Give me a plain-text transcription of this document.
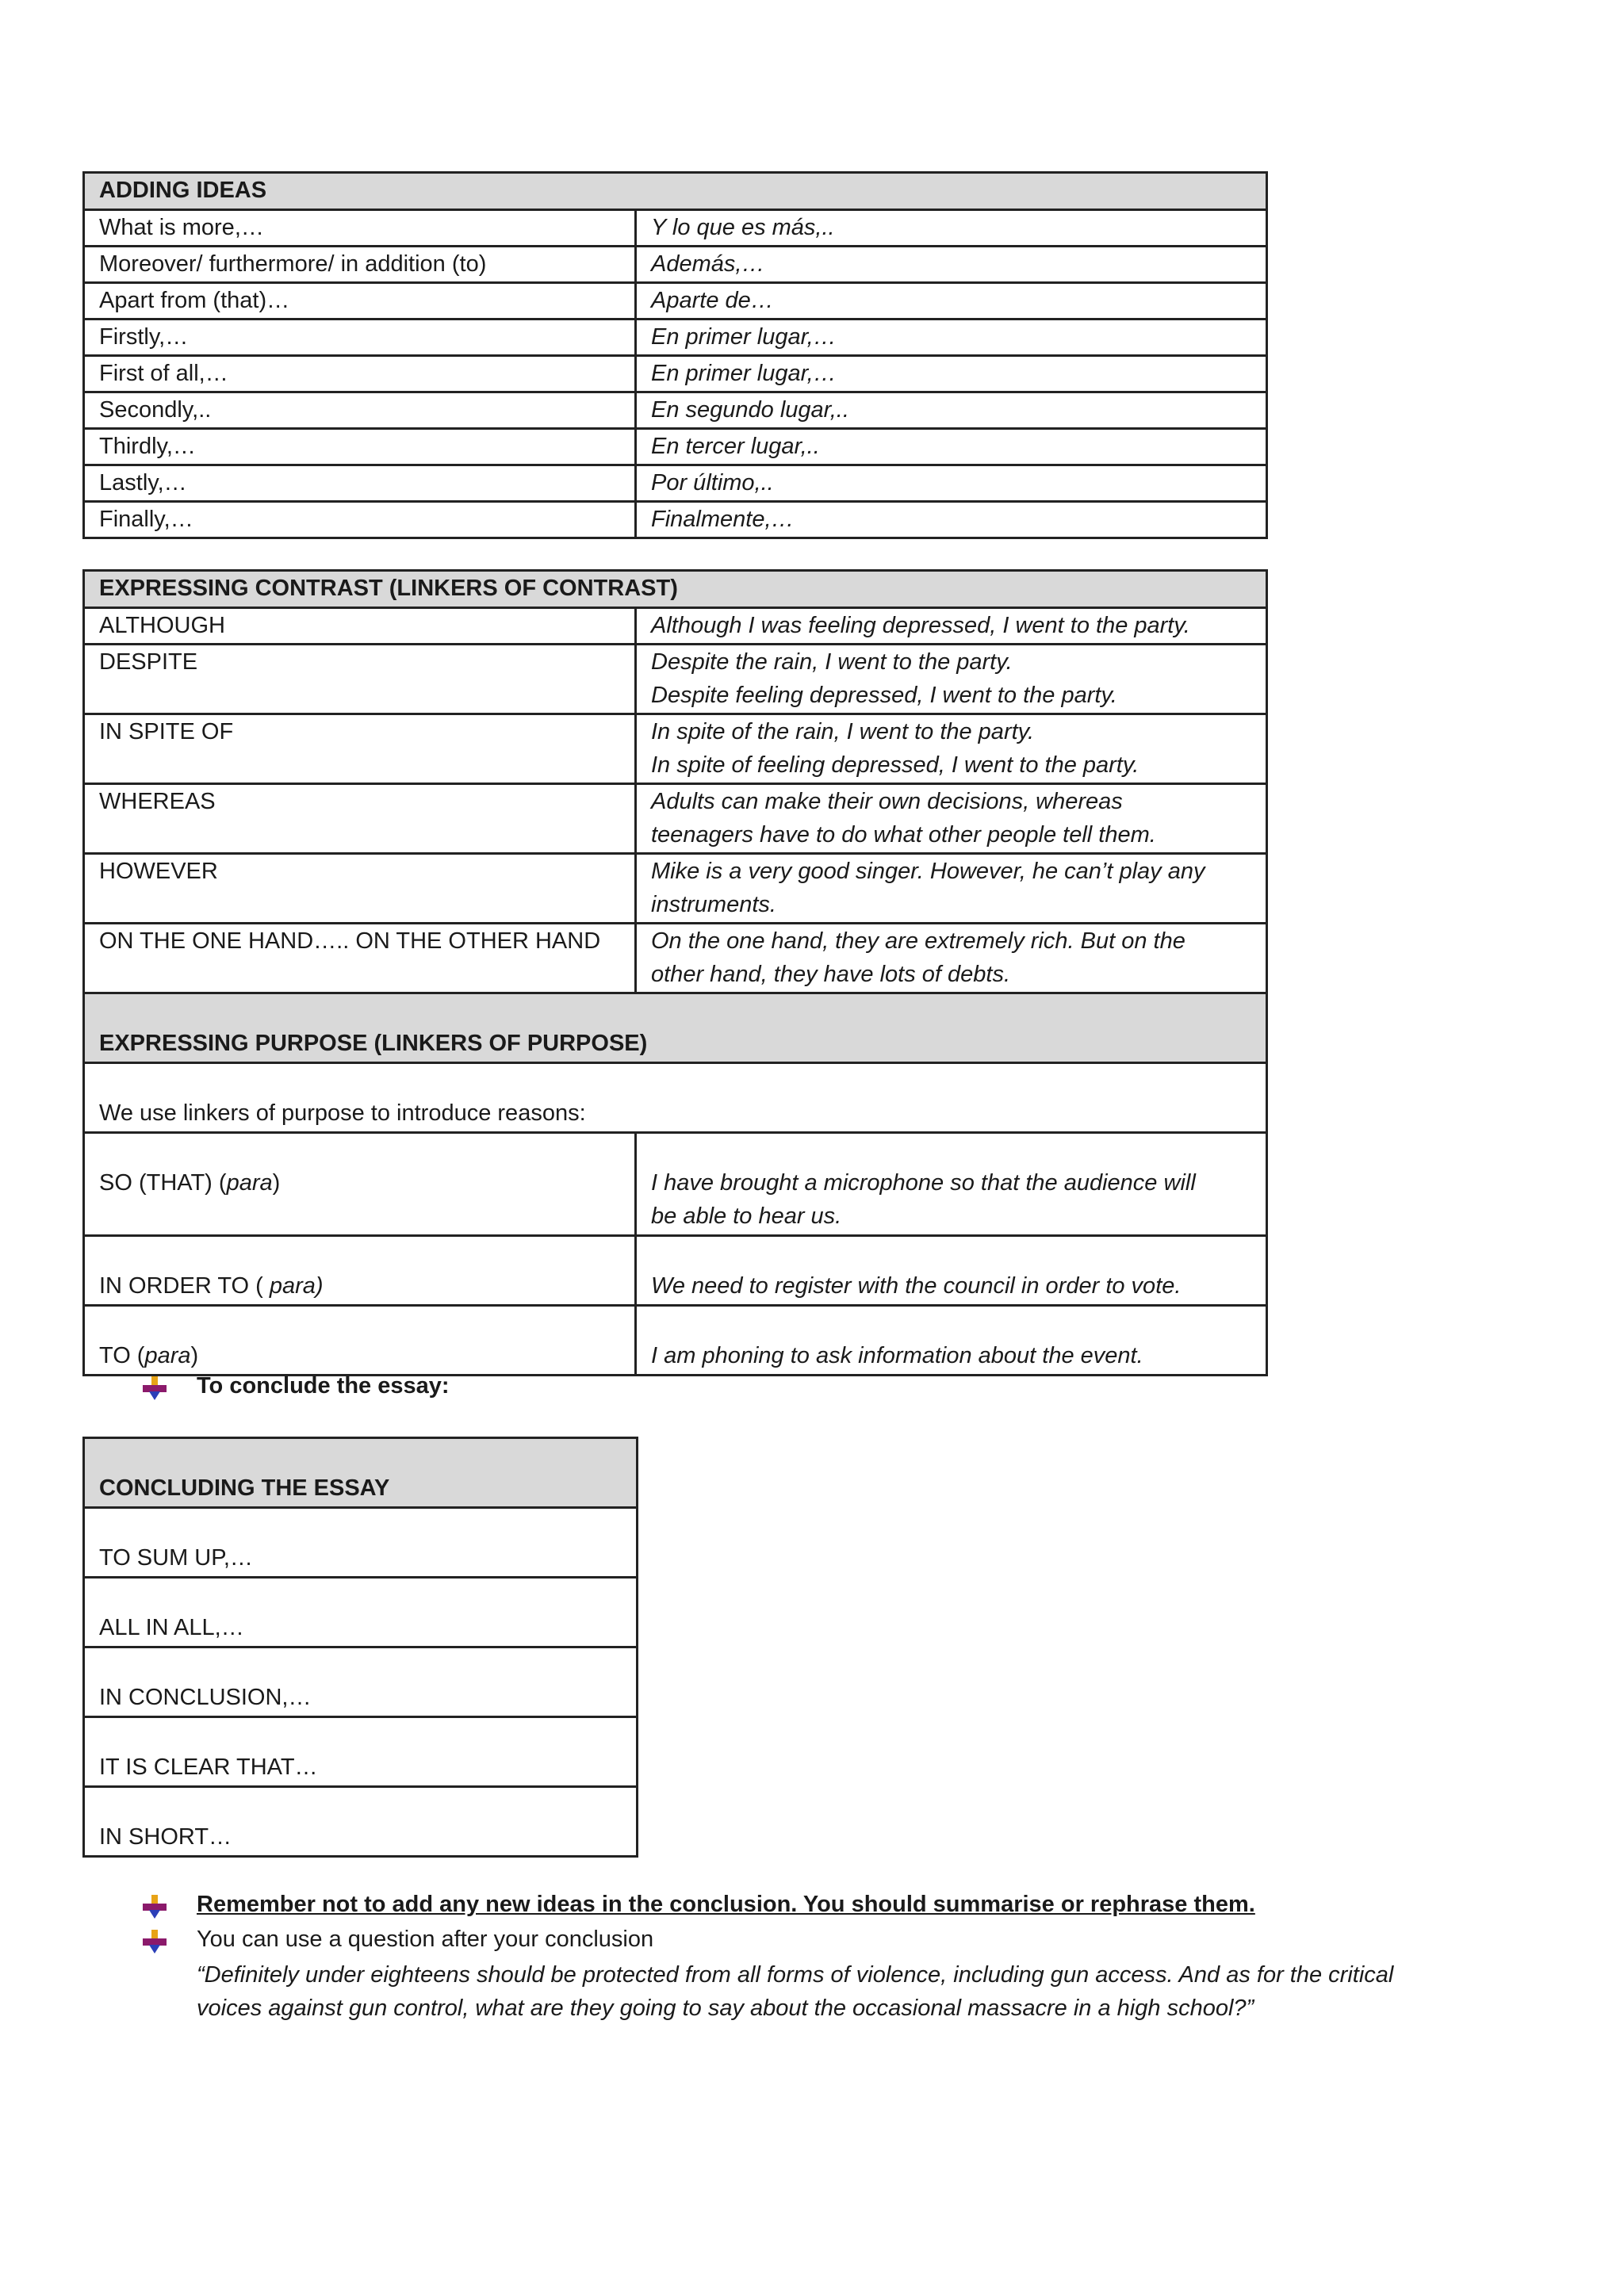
ADDING IDEAS	
What is more,…	Y lo que es más,..
Moreover/ furthermore/ in addition (to)	Además,…
Apart from (that)…	Aparte de…
Firstly,…	En primer lugar,…
First of all,…	En primer lugar,…
Secondly,..	En segundo lugar,..
Thirdly,…	En tercer lugar,..
Lastly,…	Por último,..
Finally,…	Finalmente,…
EXPRESSING CONTRAST (LINKERS OF CONTRAST)	
ALTHOUGH	Although I was feeling depressed, I went to the party.

DESPITE	Despite the rain, I went to the party.
Despite feeling depressed, I went to the party.

IN SPITE OF	In spite of the rain, I went to the party.
In spite of feeling depressed, I went to the party.

WHEREAS	Adults can make their own decisions, whereas
teenagers have to do what other people tell them.

HOWEVER	Mike is a very good singer. However, he can’t play any
instruments.

ON THE ONE HAND….. ON THE OTHER HAND	On the one hand, they are extremely rich. But on the
other hand, they have lots of debts.

EXPRESSING PURPOSE (LINKERS OF PURPOSE)	
We use linkers of purpose to introduce reasons:	
SO (THAT) (para)	I have brought a microphone so that the audience will
be able to hear us.

IN ORDER TO ( para)	We need to register with the council in order to vote.
TO (para)	I am phoning to ask information about the event.
To conclude the essay:
CONCLUDING THE ESSAY
TO SUM UP,…
ALL IN ALL,…
IN CONCLUSION,…
IT IS CLEAR THAT…
IN SHORT…
Remember not to add any new ideas in the conclusion. You should summarise or rephrase them.
You can use a question after your conclusion
“Definitely under eighteens should be protected from all forms of violence, including gun access. And as for the critical
voices against gun control, what are they going to say about the occasional massacre in a high school?”
